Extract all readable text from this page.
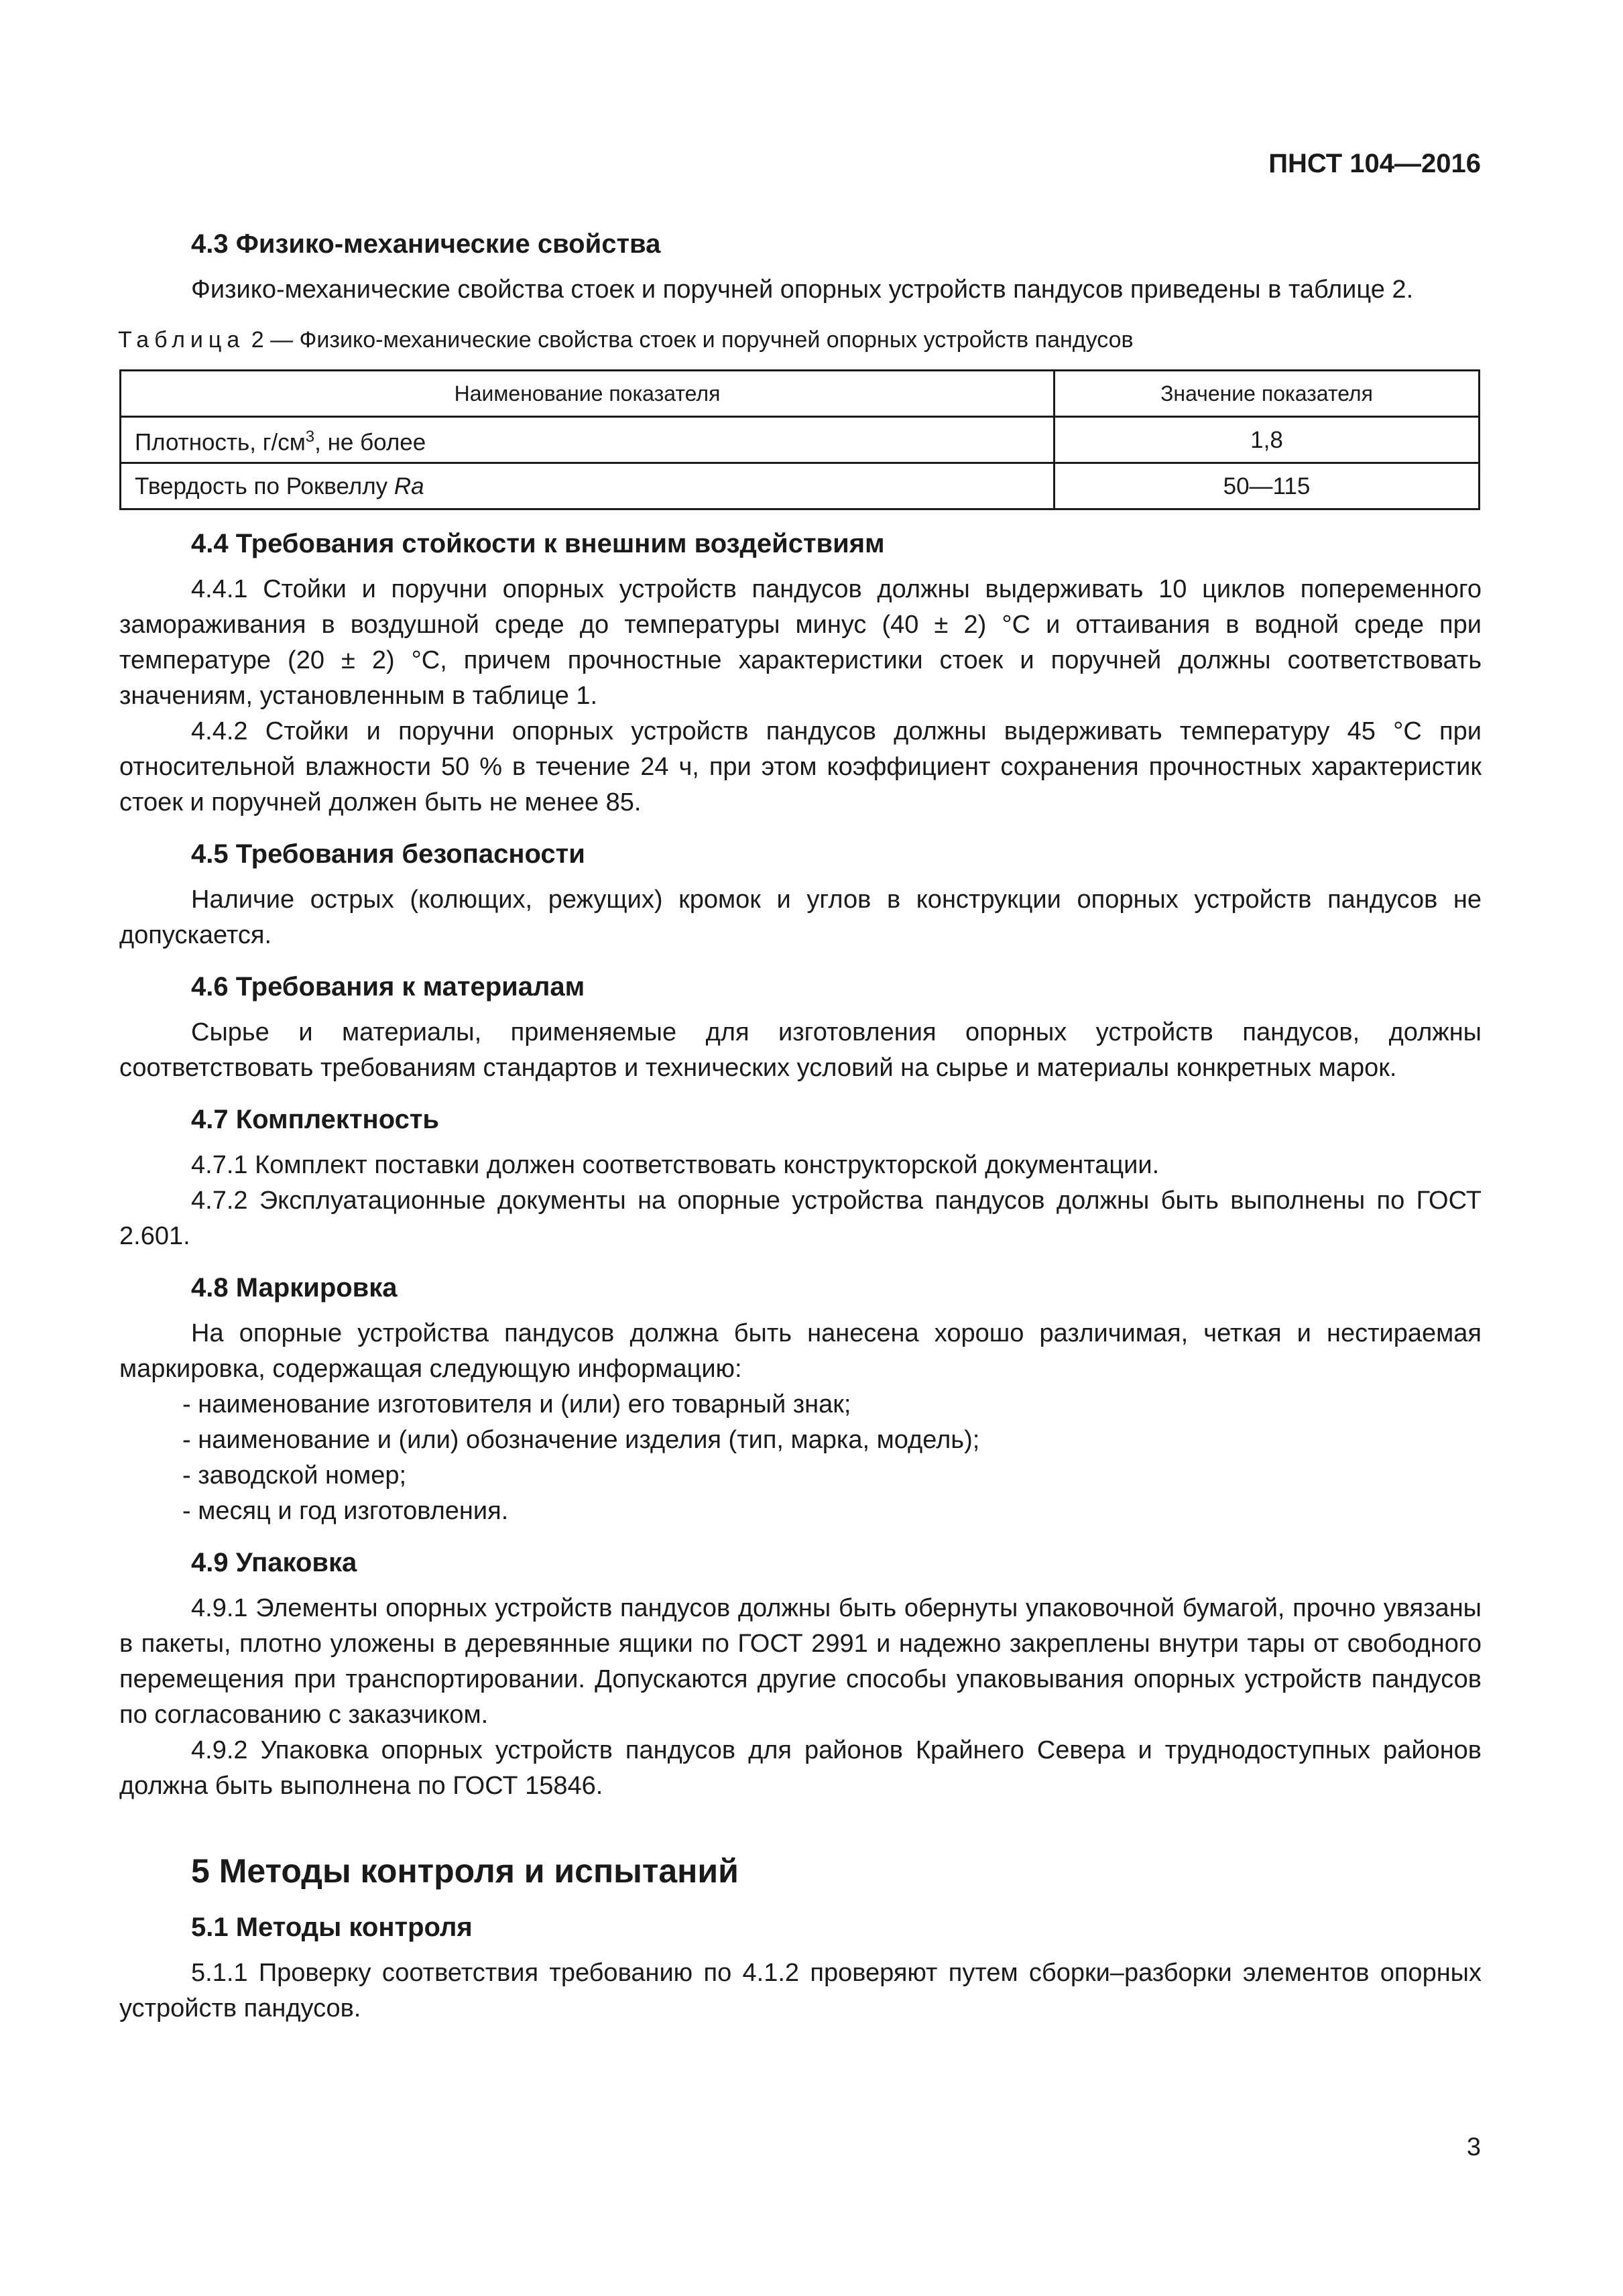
ПНСТ 104—2016

4.3 Физико-механические свойства

Физико-механические свойства стоек и поручней опорных устройств пандусов приведены в таблице 2.

Таблица 2 — Физико-механические свойства стоек и поручней опорных устройств пандусов
Наименование показателя	Значение показателя
Плотность, $г/см^3$, не более	1,8
Твердость по Роквеллу Ra	50—115
4.4 Требования стойкости к внешним воздействиям

4.4.1 Стойки и поручни опорных устройств пандусов должны выдерживать 10 циклов попеременного замораживания в воздушной среде до температуры минус (40 ± 2) °С и оттаивания в водной среде при температуре (20 ± 2) °С, причем прочностные характеристики стоек и поручней должны соответствовать значениям, установленным в таблице 1.

4.4.2 Стойки и поручни опорных устройств пандусов должны выдерживать температуру 45 °С при относительной влажности 50 % в течение 24 ч, при этом коэффициент сохранения прочностных характеристик стоек и поручней должен быть не менее 85.

4.5 Требования безопасности

Наличие острых (колющих, режущих) кромок и углов в конструкции опорных устройств пандусов не допускается.

4.6 Требования к материалам

Сырье и материалы, применяемые для изготовления опорных устройств пандусов, должны соответствовать требованиям стандартов и технических условий на сырье и материалы конкретных марок.

4.7 Комплектность

4.7.1 Комплект поставки должен соответствовать конструкторской документации.

4.7.2 Эксплуатационные документы на опорные устройства пандусов должны быть выполнены по ГОСТ 2.601.

4.8 Маркировка

На опорные устройства пандусов должна быть нанесена хорошо различимая, четкая и нестираемая маркировка, содержащая следующую информацию:

- наименование изготовителя и (или) его товарный знак;
- наименование и (или) обозначение изделия (тип, марка, модель);
- заводской номер;
- месяц и год изготовления.
4.9 Упаковка

4.9.1 Элементы опорных устройств пандусов должны быть обернуты упаковочной бумагой, прочно увязаны в пакеты, плотно уложены в деревянные ящики по ГОСТ 2991 и надежно закреплены внутри тары от свободного перемещения при транспортировании. Допускаются другие способы упаковывания опорных устройств пандусов по согласованию с заказчиком.

4.9.2 Упаковка опорных устройств пандусов для районов Крайнего Севера и труднодоступных районов должна быть выполнена по ГОСТ 15846.

5 Методы контроля и испытаний
5.1 Методы контроля

5.1.1 Проверку соответствия требованию по 4.1.2 проверяют путем сборки–разборки элементов опорных устройств пандусов.

3
